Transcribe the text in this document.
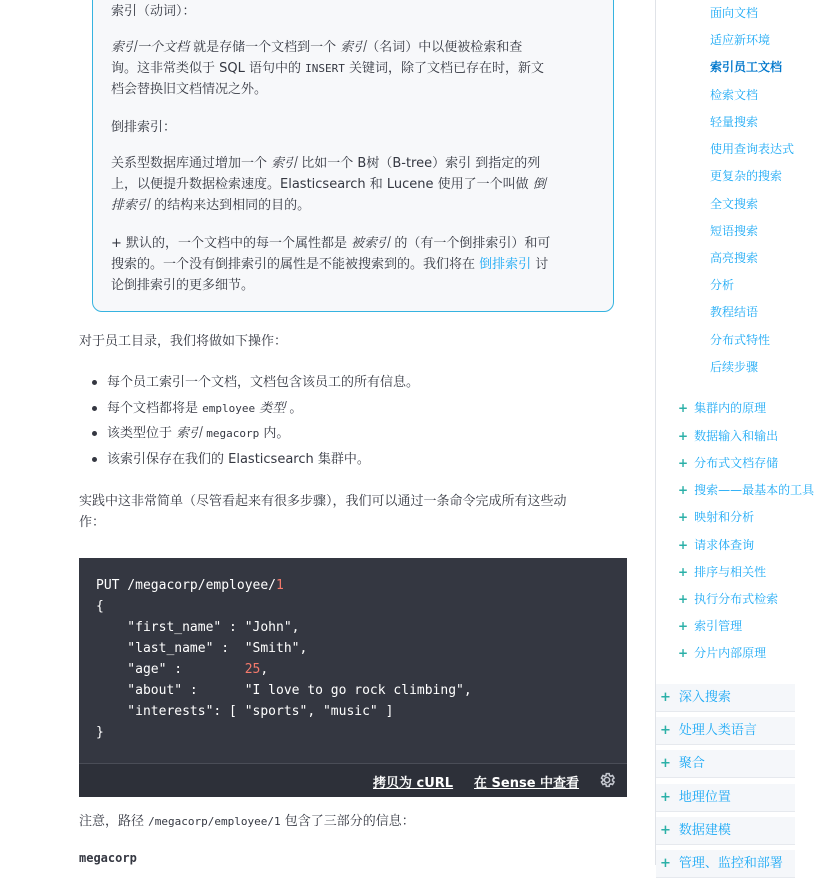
索引（动词）：

索引一个文档 就是存储一个文档到一个 索引（名词）中以便被检索和查
询。这非常类似于 SQL 语句中的 INSERT 关键词，除了文档已存在时，新文
档会替换旧文档情况之外。

倒排索引：

关系型数据库通过增加一个 索引 比如一个 B树（B-tree）索引 到指定的列
上，以便提升数据检索速度。Elasticsearch 和 Lucene 使用了一个叫做 倒
排索引 的结构来达到相同的目的。

+ 默认的，一个文档中的每一个属性都是 被索引 的（有一个倒排索引）和可
搜索的。一个没有倒排索引的属性是不能被搜索到的。我们将在 倒排索引 讨
论倒排索引的更多细节。

对于员工目录，我们将做如下操作：

每个员工索引一个文档，文档包含该员工的所有信息。
每个文档都将是 employee 类型 。
该类型位于 索引 megacorp 内。
该索引保存在我们的 Elasticsearch 集群中。

实践中这非常简单（尽管看起来有很多步骤），我们可以通过一条命令完成所有这些动
作：

PUT /megacorp/employee/1
{
"first_name" : "John",
"last_name" :  "Smith",
"age" :        25,
"about" :      "I love to go rock climbing",
"interests": [ "sports", "music" ]
}
拷贝为 cURL 在 Sense 中查看

注意，路径 /megacorp/employee/1 包含了三部分的信息：

megacorp
面向文档
适应新环境
索引员工文档
检索文档
轻量搜索
使用查询表达式
更复杂的搜索
全文搜索
短语搜索
高亮搜索
分析
教程结语
分布式特性
后续步骤
+ 集群内的原理
+ 数据输入和输出
+ 分布式文档存储
+ 搜索——最基本的工具
+ 映射和分析
+ 请求体查询
+ 排序与相关性
+ 执行分布式检索
+ 索引管理
+ 分片内部原理
+ 深入搜索
+ 处理人类语言
+ 聚合
+ 地理位置
+ 数据建模
+ 管理、监控和部署
